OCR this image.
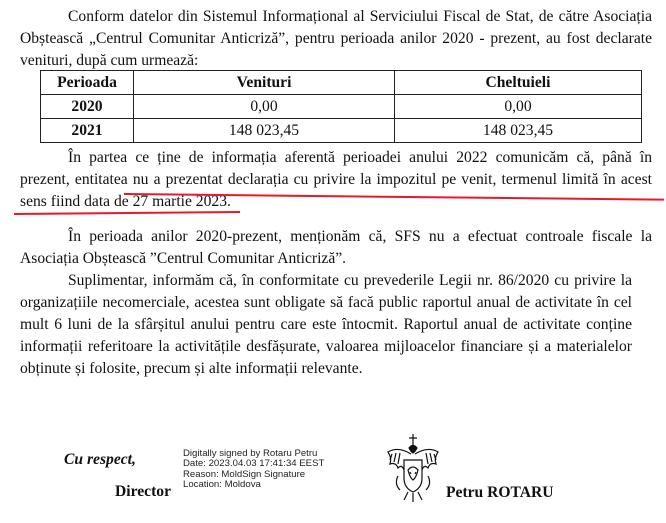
Conform datelor din Sistemul Informațional al Serviciului Fiscal de Stat, de către Asociația
Obștească „Centrul Comunitar Anticriză”, pentru perioada anilor 2020 - prezent, au fost declarate
venituri, după cum urmează:
Perioada	Venituri	Cheltuieli
2020	0,00	0,00
2021	148 023,45	148 023,45
În partea ce ține de informația aferentă perioadei anului 2022 comunicăm că, până în
prezent, entitatea nu a prezentat declarația cu privire la impozitul pe venit, termenul limită în acest
sens fiind data de 27 martie 2023.
În perioada anilor 2020-prezent, menționăm că, SFS nu a efectuat controale fiscale la
Asociația Obștească ”Centrul Comunitar Anticriză”.
Suplimentar, informăm că, în conformitate cu prevederile Legii nr. 86/2020 cu privire la
organizațiile necomerciale, acestea sunt obligate să facă public raportul anual de activitate în cel
mult 6 luni de la sfârșitul anului pentru care este întocmit. Raportul anual de activitate conține
informații referitoare la activitățile desfășurate, valoarea mijloacelor financiare și a materialelor
obținute și folosite, precum și alte informații relevante.
Cu respect,
Director
Digitally signed by Rotaru Petru
Date: 2023.04.03 17:41:34 EEST
Reason: MoldSign Signature
Location: Moldova	Petru ROTARU
